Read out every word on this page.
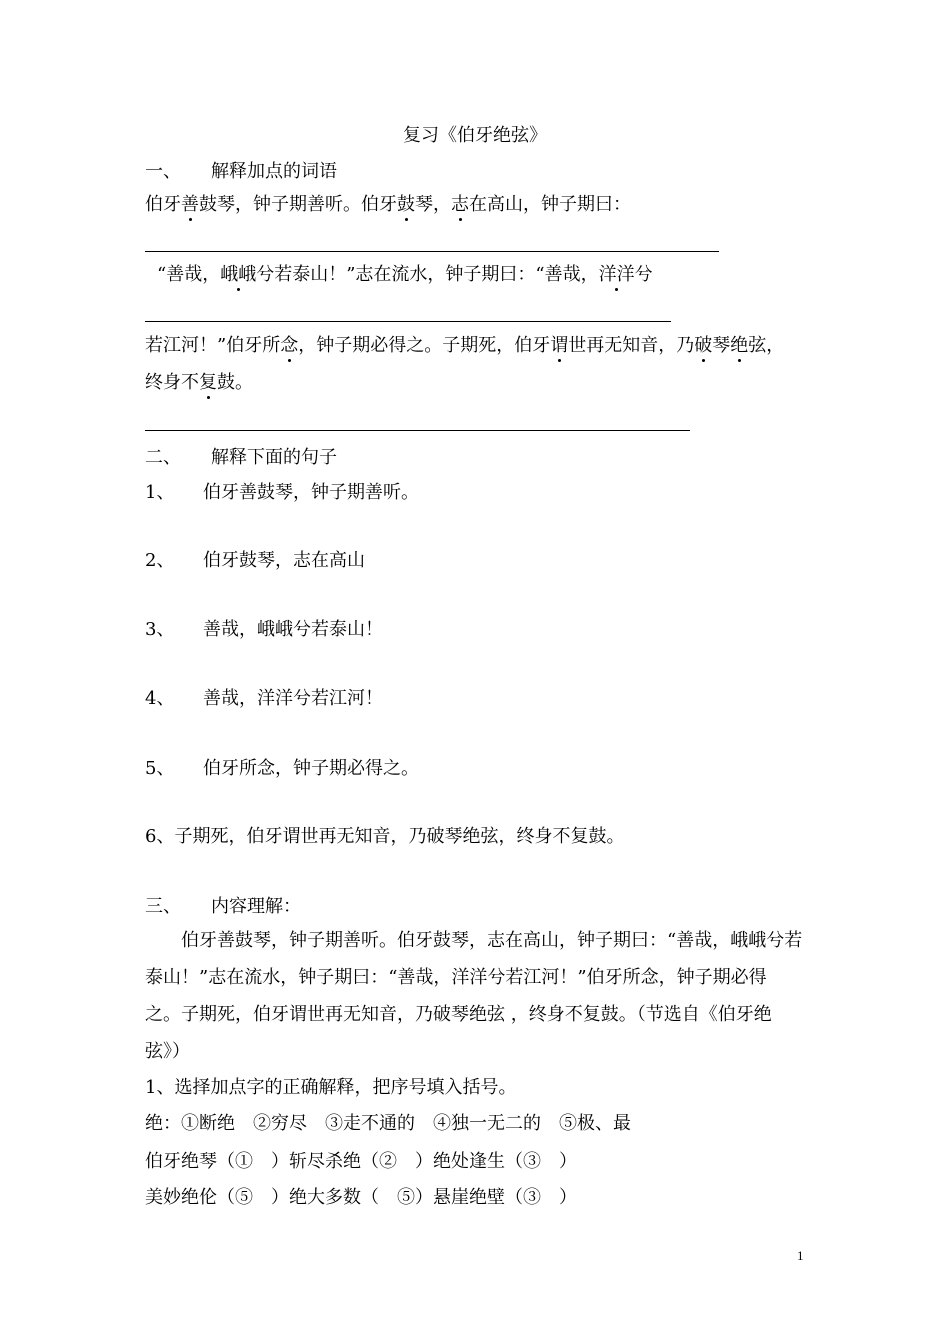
复习《伯牙绝弦》
一、 解释加点的词语
伯牙善鼓琴，钟子期善听。伯牙鼓琴，志在高山，钟子期曰：
“善哉，峨峨兮若泰山！”志在流水，钟子期曰：“善哉，洋洋兮
若江河！”伯牙所念，钟子期必得之。子期死，伯牙谓世再无知音，乃破琴绝弦，
终身不复鼓。
二、 解释下面的句子
1、 伯牙善鼓琴，钟子期善听。
2、 伯牙鼓琴，志在高山
3、 善哉，峨峨兮若泰山！
4、 善哉，洋洋兮若江河！
5、 伯牙所念，钟子期必得之。
6、子期死，伯牙谓世再无知音，乃破琴绝弦，终身不复鼓。
三、 内容理解：
伯牙善鼓琴，钟子期善听。伯牙鼓琴，志在高山，钟子期曰：“善哉，峨峨兮若
泰山！”志在流水，钟子期曰：“善哉，洋洋兮若江河！”伯牙所念，钟子期必得
之。子期死，伯牙谓世再无知音，乃破琴绝弦 ，终身不复鼓。（节选自《伯牙绝
弦》）
1、选择加点字的正确解释，把序号填入括号。
绝：①断绝　②穷尽　③走不通的　④独一无二的　⑤极、最
伯牙绝琴（①　）斩尽杀绝（②　）绝处逢生（③　）
美妙绝伦（⑤　）绝大多数（　⑤）悬崖绝壁（③　）
1
